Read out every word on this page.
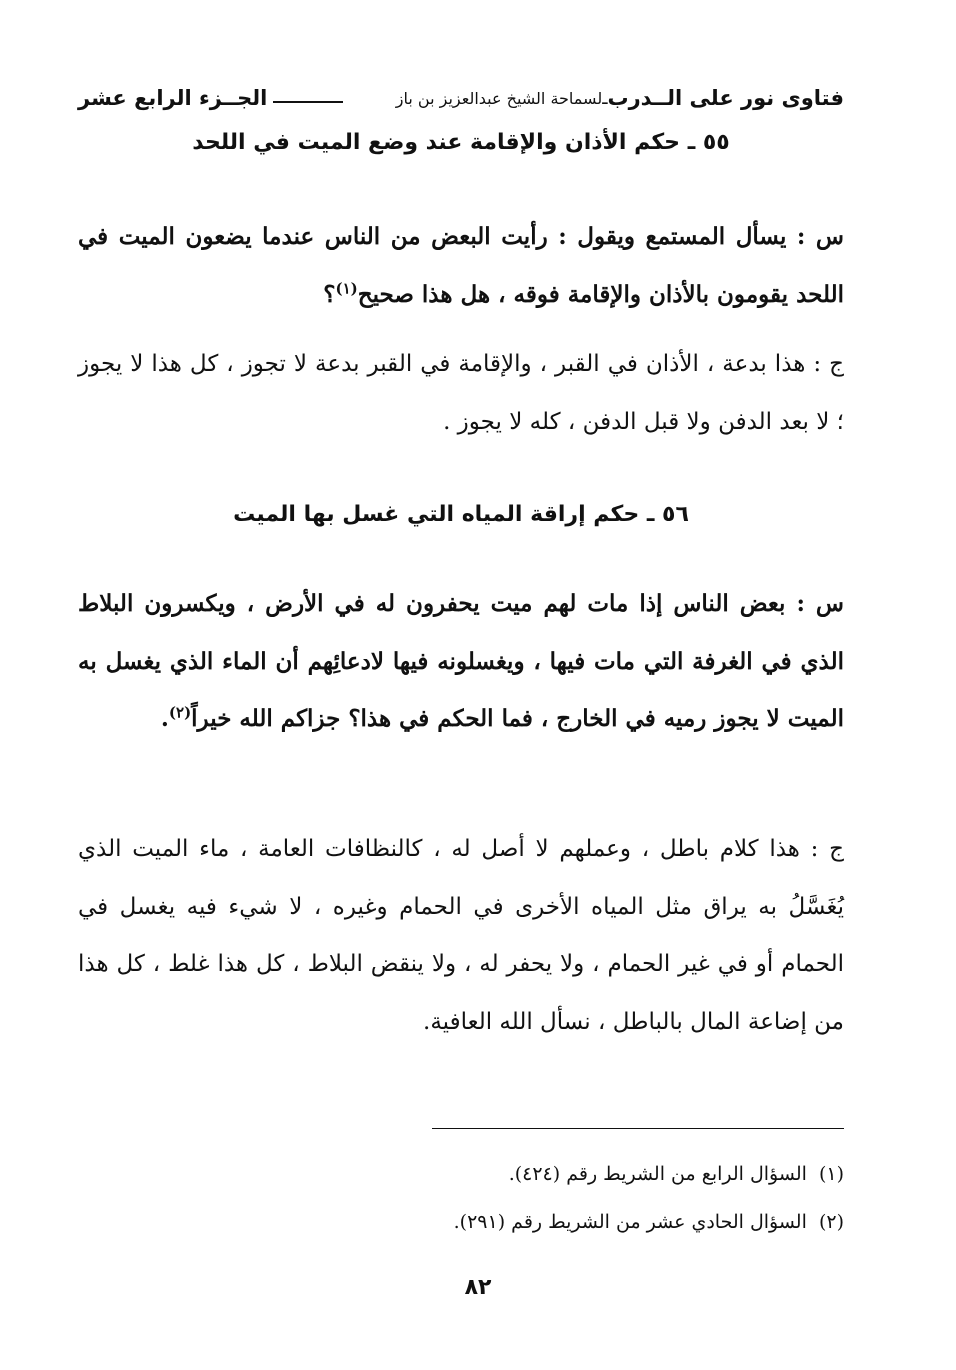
فتاوى نور على الــدرب
ـ
لسماحة الشيخ عبدالعزيز بن باز
الجــزء الرابع عشر
٥٥ ـ حكم الأذان والإقامة عند وضع الميت في اللحد
س : يسأل المستمع ويقول : رأيت البعض من الناس عندما يضعون الميت في اللحد يقومون بالأذان والإقامة فوقه ، هل هذا صحيح$^{(١)}$؟
ج : هذا بدعة ، الأذان في القبر ، والإقامة في القبر بدعة لا تجوز ، كل هذا لا يجوز ؛ لا بعد الدفن ولا قبل الدفن ، كله لا يجوز .
٥٦ ـ حكم إراقة المياه التي غسل بها الميت
س : بعض الناس إذا مات لهم ميت يحفرون له في الأرض ، ويكسرون البلاط الذي في الغرفة التي مات فيها ، ويغسلونه فيها لادعائِهم أن الماء الذي يغسل به الميت لا يجوز رميه في الخارج ، فما الحكم في هذا؟ جزاكم الله خيراً$^{(٢)}$.
ج : هذا كلام باطل ، وعملهم لا أصل له ، كالنظافات العامة ، ماء الميت الذي يُغَسَّلُ به يراق مثل المياه الأخرى في الحمام وغيره ، لا شيء فيه يغسل في الحمام أو في غير الحمام ، ولا يحفر له ، ولا ينقض البلاط ، كل هذا غلط ، كل هذا من إضاعة المال بالباطل ، نسأل الله العافية.
(١) السؤال الرابع من الشريط رقم (٤٢٤).
(٢) السؤال الحادي عشر من الشريط رقم (٢٩١).
٨٢
